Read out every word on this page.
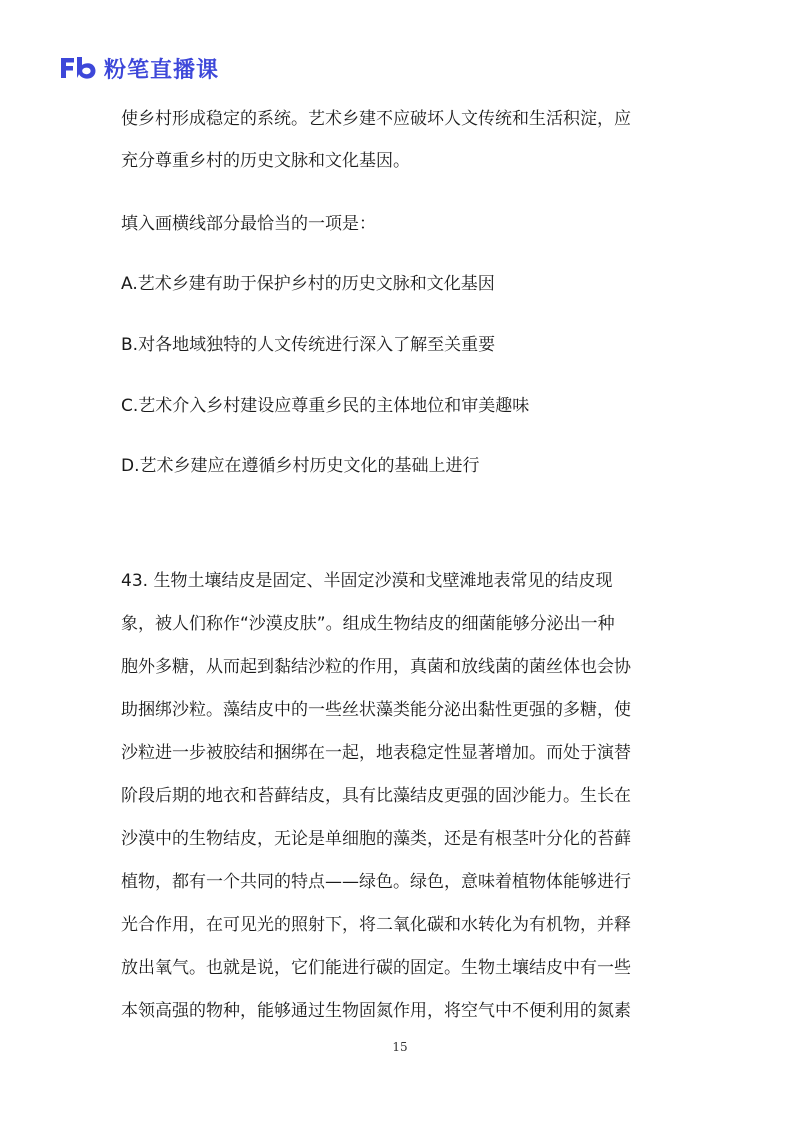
粉笔直播课
使乡村形成稳定的系统。艺术乡建不应破坏人文传统和生活积淀，应
充分尊重乡村的历史文脉和文化基因。
填入画横线部分最恰当的一项是：
A.艺术乡建有助于保护乡村的历史文脉和文化基因
B.对各地域独特的人文传统进行深入了解至关重要
C.艺术介入乡村建设应尊重乡民的主体地位和审美趣味
D.艺术乡建应在遵循乡村历史文化的基础上进行
43. 生物土壤结皮是固定、半固定沙漠和戈壁滩地表常见的结皮现
象，被人们称作“沙漠皮肤”。组成生物结皮的细菌能够分泌出一种
胞外多糖，从而起到黏结沙粒的作用，真菌和放线菌的菌丝体也会协
助捆绑沙粒。藻结皮中的一些丝状藻类能分泌出黏性更强的多糖，使
沙粒进一步被胶结和捆绑在一起，地表稳定性显著增加。而处于演替
阶段后期的地衣和苔藓结皮，具有比藻结皮更强的固沙能力。生长在
沙漠中的生物结皮，无论是单细胞的藻类，还是有根茎叶分化的苔藓
植物，都有一个共同的特点——绿色。绿色，意味着植物体能够进行
光合作用，在可见光的照射下，将二氧化碳和水转化为有机物，并释
放出氧气。也就是说，它们能进行碳的固定。生物土壤结皮中有一些
本领高强的物种，能够通过生物固氮作用，将空气中不便利用的氮素
15
